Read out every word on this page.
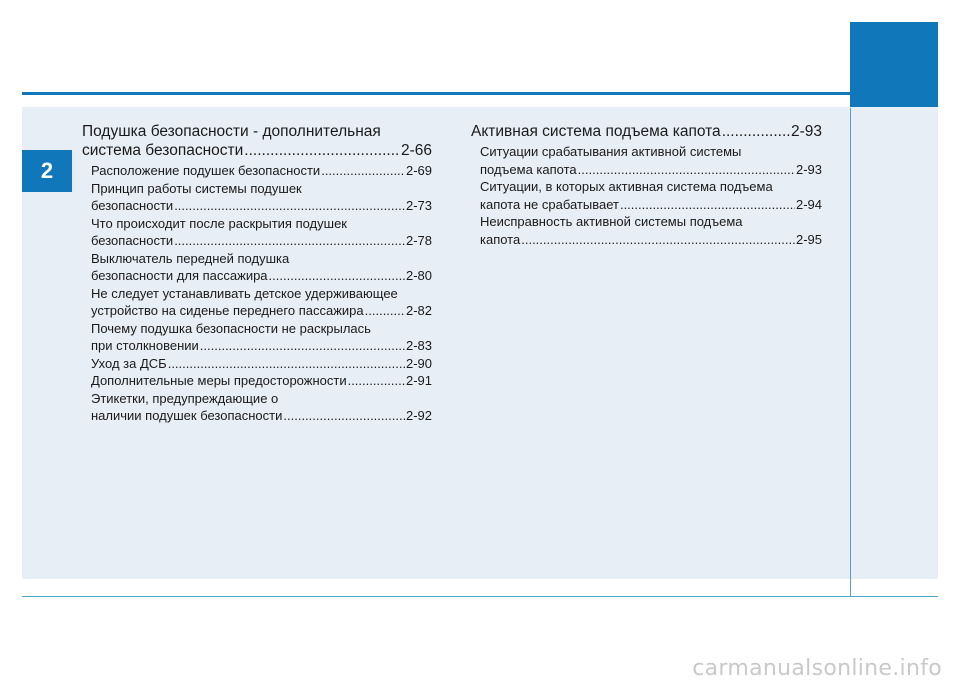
2
Подушка безопасности - дополнительная
система безопасности .....	2-66
Расположение подушек безопасности .....	2-69
Принцип работы системы подушек
безопасности .....	2-73
Что происходит после раскрытия подушек
безопасности .....	2-78
Выключатель передней подушка
безопасности для пассажира .....	2-80
Не следует устанавливать детское удерживающее
устройство на сиденье переднего пассажира .....	2-82
Почему подушка безопасности не раскрылась
при столкновении .....	2-83
Уход за ДСБ .....	2-90
Дополнительные меры предосторожности .....	2-91
Этикетки, предупреждающие о
наличии подушек безопасности .....	2-92
Активная система подъема капота .....	2-93
Ситуации срабатывания активной системы
подъема капота .....	2-93
Ситуации, в которых активная система подъема
капота не срабатывает .....	2-94
Неисправность активной системы подъема
капота .....	2-95
carmanualsonline.info
